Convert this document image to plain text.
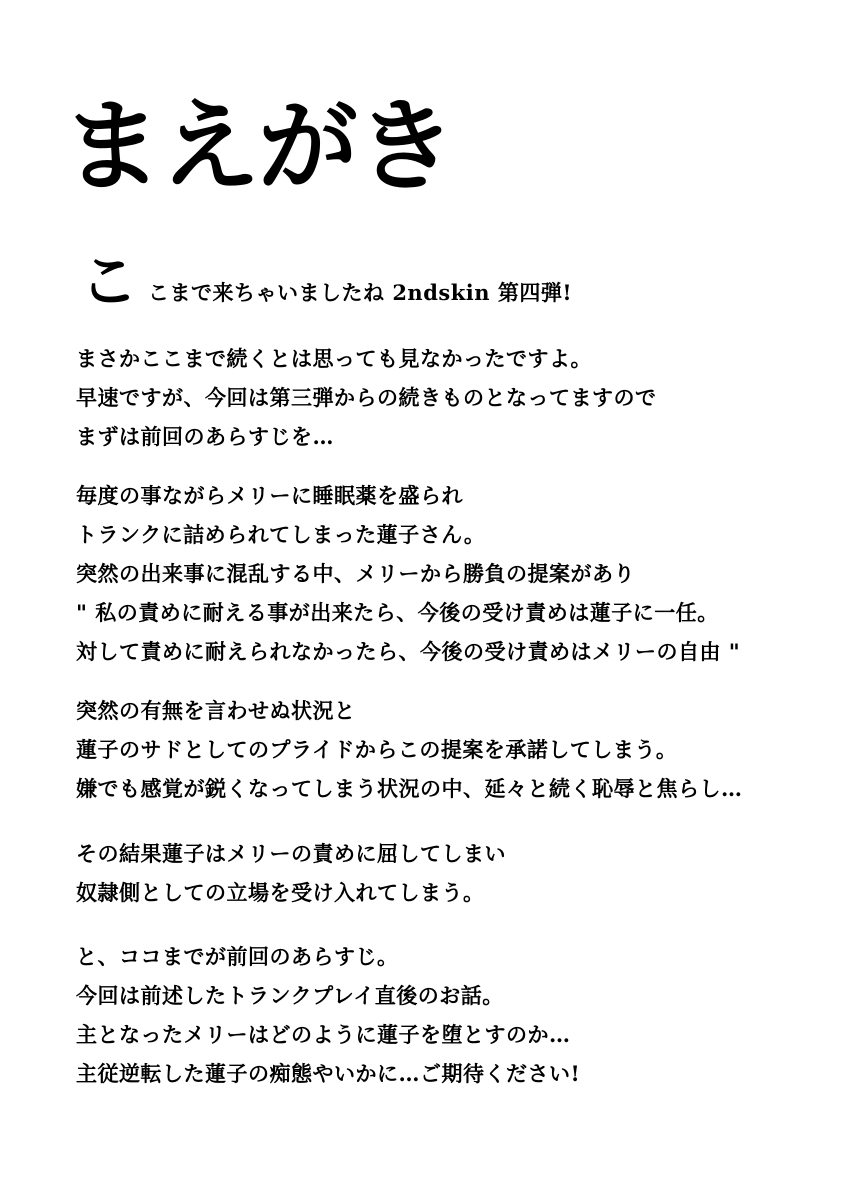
まえがき
こ こまで来ちゃいましたね 2ndskin 第四弾!
まさかここまで続くとは思っても見なかったですよ。
早速ですが、今回は第三弾からの続きものとなってますので
まずは前回のあらすじを…
毎度の事ながらメリーに睡眠薬を盛られ
トランクに詰められてしまった蓮子さん。
突然の出来事に混乱する中、メリーから勝負の提案があり
" 私の責めに耐える事が出来たら、今後の受け責めは蓮子に一任。
対して責めに耐えられなかったら、今後の受け責めはメリーの自由 "
突然の有無を言わせぬ状況と
蓮子のサドとしてのプライドからこの提案を承諾してしまう。
嫌でも感覚が鋭くなってしまう状況の中、延々と続く恥辱と焦らし…
その結果蓮子はメリーの責めに屈してしまい
奴隷側としての立場を受け入れてしまう。
と、ココまでが前回のあらすじ。
今回は前述したトランクプレイ直後のお話。
主となったメリーはどのように蓮子を堕とすのか…
主従逆転した蓮子の痴態やいかに…ご期待ください!
